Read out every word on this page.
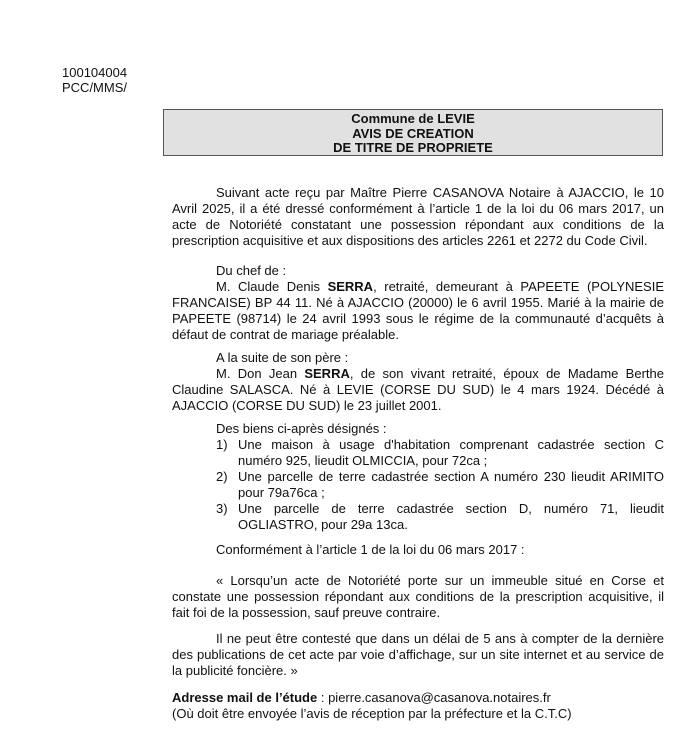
100104004
PCC/MMS/
Commune de LEVIE
AVIS DE CREATION
DE TITRE DE PROPRIETE

Suivant acte reçu par Maître Pierre CASANOVA Notaire à AJACCIO, le 10 Avril 2025, il a été dressé conformément à l’article 1 de la loi du 06 mars 2017, un acte de Notoriété constatant une possession répondant aux conditions de la prescription acquisitive et aux dispositions des articles 2261 et 2272 du Code Civil.

Du chef de :

M. Claude Denis SERRA, retraité, demeurant à PAPEETE (POLYNESIE FRANCAISE) BP 44 11. Né à AJACCIO (20000) le 6 avril 1955. Marié à la mairie de PAPEETE (98714) le 24 avril 1993 sous le régime de la communauté d’acquêts à défaut de contrat de mariage préalable.

A la suite de son père :

M. Don Jean SERRA, de son vivant retraité, époux de Madame Berthe Claudine SALASCA. Né à LEVIE (CORSE DU SUD) le 4 mars 1924. Décédé à AJACCIO (CORSE DU SUD) le 23 juillet 2001.

Des biens ci-après désignés :

1) Une maison à usage d'habitation comprenant cadastrée section C numéro 925, lieudit OLMICCIA, pour 72ca ;
2) Une parcelle de terre cadastrée section A numéro 230 lieudit ARIMITO pour 79a76ca ;
3) Une parcelle de terre cadastrée section D, numéro 71, lieudit OGLIASTRO, pour 29a 13ca.

Conformément à l’article 1 de la loi du 06 mars 2017 :

« Lorsqu’un acte de Notoriété porte sur un immeuble situé en Corse et constate une possession répondant aux conditions de la prescription acquisitive, il fait foi de la possession, sauf preuve contraire.

Il ne peut être contesté que dans un délai de 5 ans à compter de la dernière des publications de cet acte par voie d’affichage, sur un site internet et au service de la publicité foncière. »

Adresse mail de l’étude : pierre.casanova@casanova.notaires.fr

(Où doit être envoyée l’avis de réception par la préfecture et la C.T.C)
